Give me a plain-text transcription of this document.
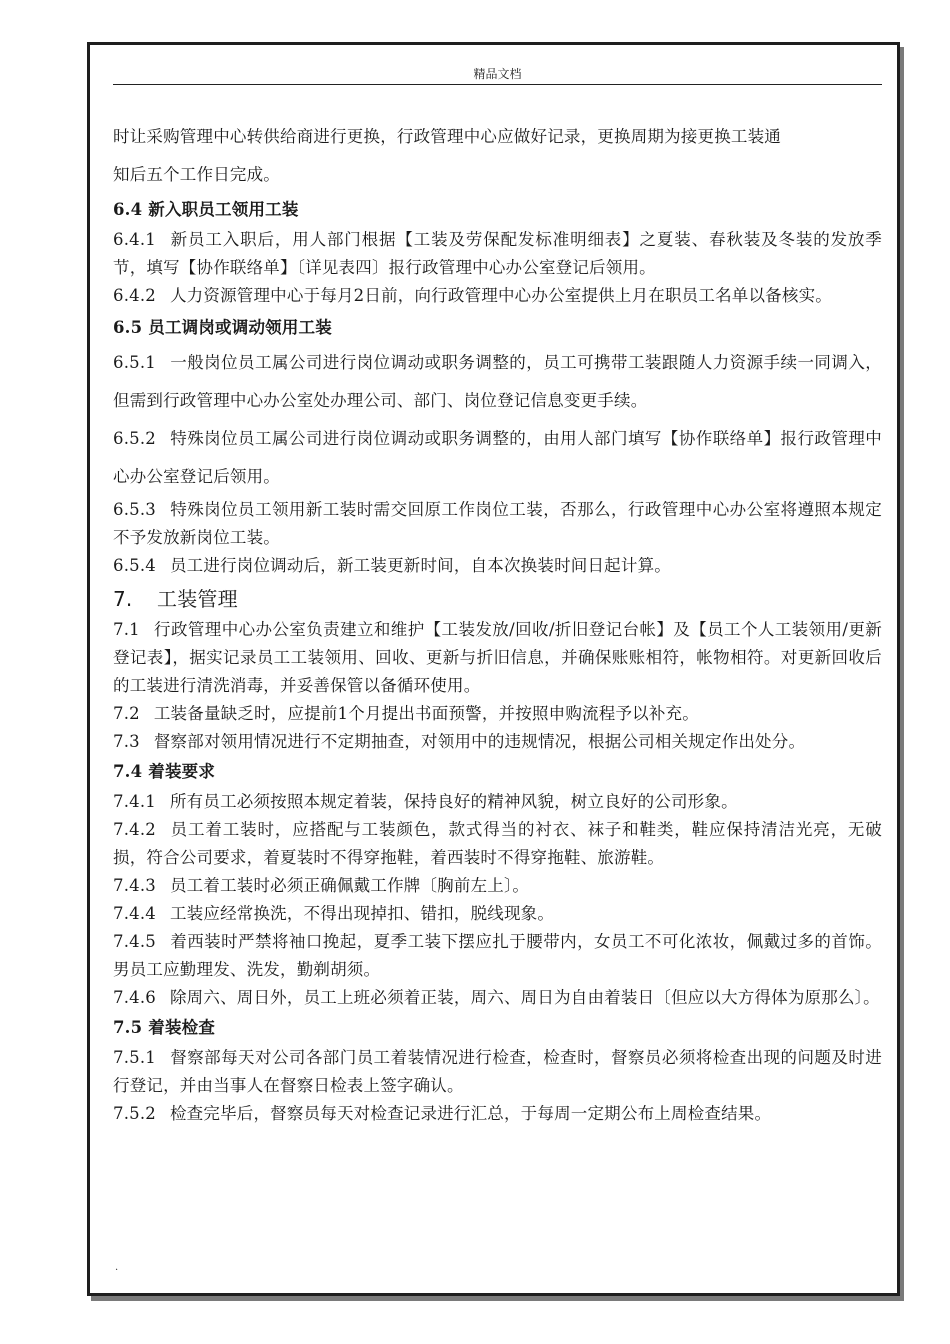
精品文档

时让采购管理中心转供给商进行更换，行政管理中心应做好记录，更换周期为接更换工装通

知后五个工作日完成。

6.4 新入职员工领用工装

6.4.1 新员工入职后，用人部门根据【工装及劳保配发标准明细表】之夏装、春秋装及冬装的发放季节，填写【协作联络单】〔详见表四〕报行政管理中心办公室登记后领用。

6.4.2 人力资源管理中心于每月2日前，向行政管理中心办公室提供上月在职员工名单以备核实。

6.5 员工调岗或调动领用工装

6.5.1 一般岗位员工属公司进行岗位调动或职务调整的，员工可携带工装跟随人力资源手续一同调入，但需到行政管理中心办公室处办理公司、部门、岗位登记信息变更手续。

6.5.2 特殊岗位员工属公司进行岗位调动或职务调整的，由用人部门填写【协作联络单】报行政管理中心办公室登记后领用。

6.5.3 特殊岗位员工领用新工装时需交回原工作岗位工装，否那么，行政管理中心办公室将遵照本规定不予发放新岗位工装。

6.5.4 员工进行岗位调动后，新工装更新时间，自本次换装时间日起计算。

7. 工装管理

7.1 行政管理中心办公室负责建立和维护【工装发放/回收/折旧登记台帐】及【员工个人工装领用/更新登记表】，据实记录员工工装领用、回收、更新与折旧信息，并确保账账相符，帐物相符。对更新回收后的工装进行清洗消毒，并妥善保管以备循环使用。

7.2 工装备量缺乏时，应提前1个月提出书面预警，并按照申购流程予以补充。

7.3 督察部对领用情况进行不定期抽查，对领用中的违规情况，根据公司相关规定作出处分。

7.4 着装要求

7.4.1 所有员工必须按照本规定着装，保持良好的精神风貌，树立良好的公司形象。

7.4.2 员工着工装时，应搭配与工装颜色，款式得当的衬衣、袜子和鞋类，鞋应保持清洁光亮，无破损，符合公司要求，着夏装时不得穿拖鞋，着西装时不得穿拖鞋、旅游鞋。

7.4.3 员工着工装时必须正确佩戴工作牌〔胸前左上〕。

7.4.4 工装应经常换洗，不得出现掉扣、错扣，脱线现象。

7.4.5 着西装时严禁将袖口挽起，夏季工装下摆应扎于腰带内，女员工不可化浓妆，佩戴过多的首饰。男员工应勤理发、洗发，勤剃胡须。

7.4.6 除周六、周日外，员工上班必须着正装，周六、周日为自由着装日〔但应以大方得体为原那么〕。

7.5 着装检查

7.5.1 督察部每天对公司各部门员工着装情况进行检查，检查时，督察员必须将检查出现的问题及时进行登记，并由当事人在督察日检表上签字确认。

7.5.2 检查完毕后，督察员每天对检查记录进行汇总，于每周一定期公布上周检查结果。

.
